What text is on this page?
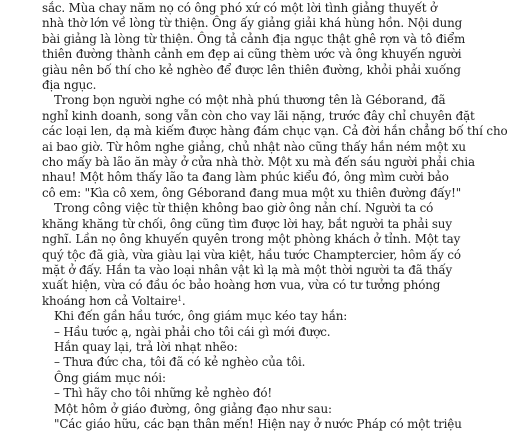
sắc. Mùa chay năm nọ có ông phó xứ có một lời tình giảng thuyết ở
nhà thờ lớn về lòng từ thiện. Ông ấy giảng giải khá hùng hồn. Nội dung
bài giảng là lòng từ thiện. Ông tả cảnh địa ngục thật ghê rợn và tô điểm
thiên đường thành cảnh em đẹp ai cũng thèm ước và ông khuyến người
giàu nên bố thí cho kẻ nghèo để được lên thiên đường, khỏi phải xuống
địa ngục.
Trong bọn người nghe có một nhà phú thương tên là Géborand, đã
nghỉ kinh doanh, song vẫn còn cho vay lãi nặng, trước đây chỉ chuyên đặt
các loại len, dạ mà kiếm được hàng đám chục vạn. Cả đời hắn chẳng bố thí cho
ai bao giờ. Từ hôm nghe giảng, chủ nhật nào cũng thấy hắn ném một xu
cho mấy bà lão ăn mày ở cửa nhà thờ. Một xu mà đến sáu người phải chia
nhau! Một hôm thấy lão ta đang làm phúc kiểu đó, ông mìm cười bảo
cô em: "Kìa cô xem, ông Géborand đang mua một xu thiên đường đấy!"
Trong công việc từ thiện không bao giờ ông nản chí. Người ta có
khăng khăng từ chối, ông cũng tìm được lời hay, bắt người ta phải suy
nghĩ. Lần nọ ông khuyến quyên trong một phòng khách ở tỉnh. Một tay
quý tộc đã già, vừa giàu lại vừa kiệt, hầu tước Champtercier, hôm ấy có
mặt ở đấy. Hắn ta vào loại nhân vật kì lạ mà một thời người ta đã thấy
xuất hiện, vừa có đầu óc bảo hoàng hơn vua, vừa có tư tưởng phóng
khoáng hơn cả Voltaire$^1$.
Khi đến gần hầu tước, ông giám mục kéo tay hắn:
– Hầu tước ạ, ngài phải cho tôi cái gì mới được.
Hắn quay lại, trả lời nhạt nhẽo:
– Thưa đức cha, tôi đã có kẻ nghèo của tôi.
Ông giám mục nói:
– Thì hãy cho tôi những kẻ nghèo đó!
Một hôm ở giáo đường, ông giảng đạo như sau:
"Các giáo hữu, các bạn thân mến! Hiện nay ở nước Pháp có một triệu
